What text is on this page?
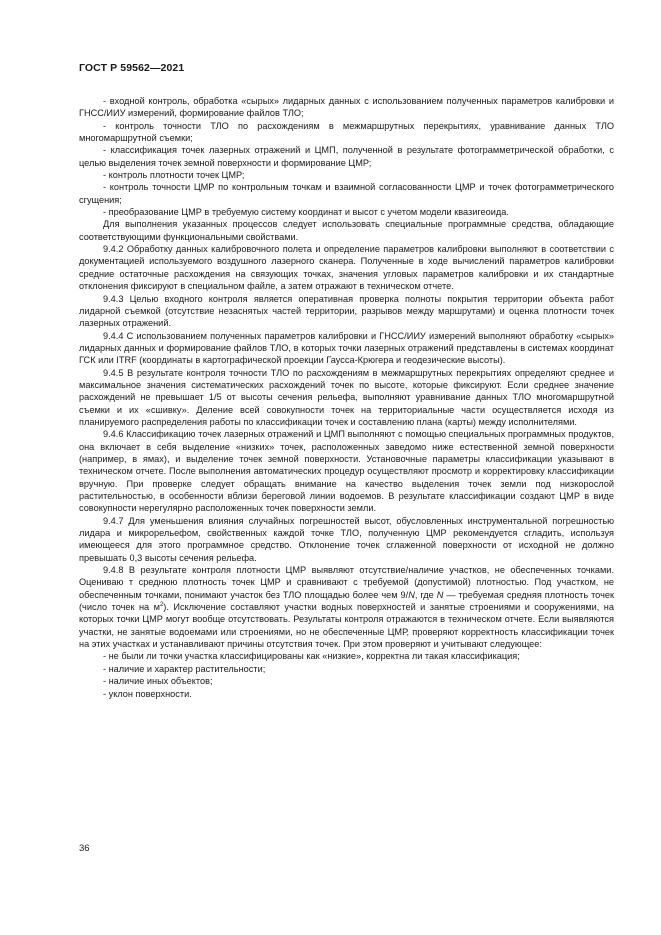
ГОСТ Р 59562—2021

- входной контроль, обработка «сырых» лидарных данных с использованием полученных параметров калибровки и ГНСС/ИИУ измерений, формирование файлов ТЛО;

- контроль точности ТЛО по расхождениям в межмаршрутных перекрытиях, уравнивание данных ТЛО многомаршрутной съемки;

- классификация точек лазерных отражений и ЦМП, полученной в результате фотограмметрической обработки, с целью выделения точек земной поверхности и формирование ЦМР;

- контроль плотности точек ЦМР;

- контроль точности ЦМР по контрольным точкам и взаимной согласованности ЦМР и точек фотограмметрического сгущения;

- преобразование ЦМР в требуемую систему координат и высот с учетом модели квазигеоида.

Для выполнения указанных процессов следует использовать специальные программные средства, обладающие соответствующими функциональными свойствами.

9.4.2 Обработку данных калибровочного полета и определение параметров калибровки выполняют в соответствии с документацией используемого воздушного лазерного сканера. Полученные в ходе вычислений параметров калибровки средние остаточные расхождения на связующих точках, значения угловых параметров калибровки и их стандартные отклонения фиксируют в специальном файле, а затем отражают в техническом отчете.

9.4.3 Целью входного контроля является оперативная проверка полноты покрытия территории объекта работ лидарной съемкой (отсутствие незаснятых частей территории, разрывов между маршрутами) и оценка плотности точек лазерных отражений.

9.4.4 С использованием полученных параметров калибровки и ГНСС/ИИУ измерений выполняют обработку «сырых» лидарных данных и формирование файлов ТЛО, в которых точки лазерных отражений представлены в системах координат ГСК или ITRF (координаты в картографической проекции Гаусса-Крюгера и геодезические высоты).

9.4.5 В результате контроля точности ТЛО по расхождениям в межмаршрутных перекрытиях определяют среднее и максимальное значения систематических расхождений точек по высоте, которые фиксируют. Если среднее значение расхождений не превышает 1/5 от высоты сечения рельефа, выполняют уравнивание данных ТЛО многомаршрутной съемки и их «сшивку». Деление всей совокупности точек на территориальные части осуществляется исходя из планируемого распределения работы по классификации точек и составлению плана (карты) между исполнителями.

9.4.6 Классификацию точек лазерных отражений и ЦМП выполняют с помощью специальных программных продуктов, она включает в себя выделение «низких» точек, расположенных заведомо ниже естественной земной поверхности (например, в ямах), и выделение точек земной поверхности. Установочные параметры классификации указывают в техническом отчете. После выполнения автоматических процедур осуществляют просмотр и корректировку классификации вручную. При проверке следует обращать внимание на качество выделения точек земли под низкорослой растительностью, в особенности вблизи береговой линии водоемов. В результате классификации создают ЦМР в виде совокупности нерегулярно расположенных точек поверхности земли.

9.4.7 Для уменьшения влияния случайных погрешностей высот, обусловленных инструментальной погрешностью лидара и микрорельефом, свойственных каждой точке ТЛО, полученную ЦМР рекомендуется сгладить, используя имеющееся для этого программное средство. Отклонение точек сглаженной поверхности от исходной не должно превышать 0,3 высоты сечения рельефа.

9.4.8 В результате контроля плотности ЦМР выявляют отсутствие/наличие участков, не обеспеченных точками. Оцениваю т среднюю плотность точек ЦМР и сравнивают с требуемой (допустимой) плотностью. Под участком, не обеспеченным точками, понимают участок без ТЛО площадью более чем 9/N, где N — требуемая средняя плотность точек (число точек на $м^2$). Исключение составляют участки водных поверхностей и занятые строениями и сооружениями, на которых точки ЦМР могут вообще отсутствовать. Результаты контроля отражаются в техническом отчете. Если выявляются участки, не занятые водоемами или строениями, но не обеспеченные ЦМР, проверяют корректность классификации точек на этих участках и устанавливают причины отсутствия точек. При этом проверяют и учитывают следующее:

- не были ли точки участка классифицированы как «низкие», корректна ли такая классификация;

- наличие и характер растительности;

- наличие иных объектов;

- уклон поверхности.

36
